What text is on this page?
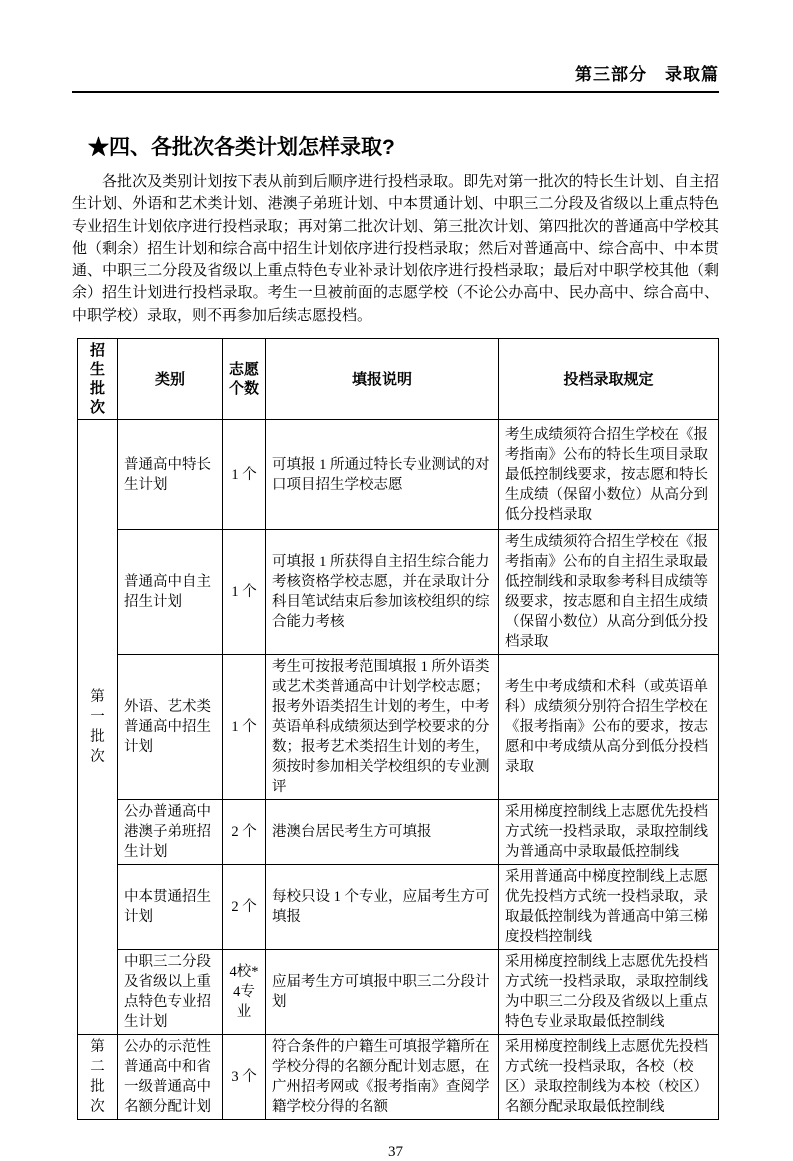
第三部分　录取篇
★四、各批次各类计划怎样录取?

各批次及类别计划按下表从前到后顺序进行投档录取。即先对第一批次的特长生计划、自主招生计划、外语和艺术类计划、港澳子弟班计划、中本贯通计划、中职三二分段及省级以上重点特色专业招生计划依序进行投档录取；再对第二批次计划、第三批次计划、第四批次的普通高中学校其他（剩余）招生计划和综合高中招生计划依序进行投档录取；然后对普通高中、综合高中、中本贯通、中职三二分段及省级以上重点特色专业补录计划依序进行投档录取；最后对中职学校其他（剩余）招生计划进行投档录取。考生一旦被前面的志愿学校（不论公办高中、民办高中、综合高中、中职学校）录取，则不再参加后续志愿投档。

招生批次	类别	志愿个数	填报说明	投档录取规定
第一批次	普通高中特长生计划	1 个	可填报 1 所通过特长专业测试的对口项目招生学校志愿	考生成绩须符合招生学校在《报考指南》公布的特长生项目录取最低控制线要求，按志愿和特长生成绩（保留小数位）从高分到低分投档录取
	普通高中自主招生计划	1 个	可填报 1 所获得自主招生综合能力考核资格学校志愿，并在录取计分科目笔试结束后参加该校组织的综合能力考核	考生成绩须符合招生学校在《报考指南》公布的自主招生录取最低控制线和录取参考科目成绩等级要求，按志愿和自主招生成绩（保留小数位）从高分到低分投档录取
	外语、艺术类普通高中招生计划	1 个	考生可按报考范围填报 1 所外语类或艺术类普通高中计划学校志愿；报考外语类招生计划的考生，中考英语单科成绩须达到学校要求的分数；报考艺术类招生计划的考生，须按时参加相关学校组织的专业测评	考生中考成绩和术科（或英语单科）成绩须分别符合招生学校在《报考指南》公布的要求，按志愿和中考成绩从高分到低分投档录取
	公办普通高中港澳子弟班招生计划	2 个	港澳台居民考生方可填报	采用梯度控制线上志愿优先投档方式统一投档录取，录取控制线为普通高中录取最低控制线
	中本贯通招生计划	2 个	每校只设 1 个专业，应届考生方可填报	采用普通高中梯度控制线上志愿优先投档方式统一投档录取，录取最低控制线为普通高中第三梯度投档控制线
	中职三二分段及省级以上重点特色专业招生计划	4校*4专业	应届考生方可填报中职三二分段计划	采用梯度控制线上志愿优先投档方式统一投档录取，录取控制线为中职三二分段及省级以上重点特色专业录取最低控制线
第二批次	公办的示范性普通高中和省一级普通高中名额分配计划	3 个	符合条件的户籍生可填报学籍所在学校分得的名额分配计划志愿，在广州招考网或《报考指南》查阅学籍学校分得的名额	采用梯度控制线上志愿优先投档方式统一投档录取，各校（校区）录取控制线为本校（校区）名额分配录取最低控制线
37
